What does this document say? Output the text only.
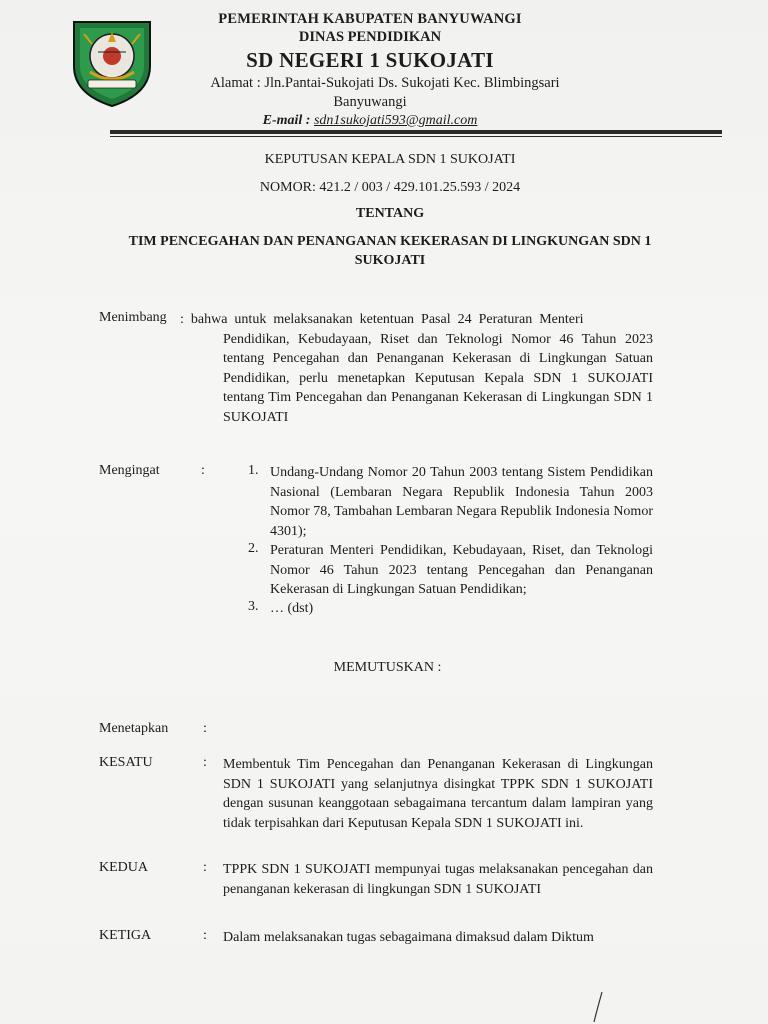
PEMERINTAH KABUPATEN BANYUWANGI
DINAS PENDIDIKAN
SD NEGERI 1 SUKOJATI
Alamat : Jln.Pantai-Sukojati Ds. Sukojati Kec. Blimbingsari
Banyuwangi
E-mail : sdn1sukojati593@gmail.com
KEPUTUSAN KEPALA SDN 1 SUKOJATI
NOMOR: 421.2 / 003 / 429.101.25.593 / 2024
TENTANG
TIM PENCEGAHAN DAN PENANGANAN KEKERASAN DI LINGKUNGAN SDN 1 SUKOJATI
Menimbang :  bahwa  untuk  melaksanakan  ketentuan  Pasal  24  Peraturan  Menteri
Pendidikan, Kebudayaan, Riset dan Teknologi Nomor 46 Tahun 2023 tentang Pencegahan dan Penanganan Kekerasan di Lingkungan Satuan Pendidikan, perlu menetapkan Keputusan Kepala SDN 1 SUKOJATI tentang Tim Pencegahan dan Penanganan Kekerasan di Lingkungan SDN 1 SUKOJATI
Mengingat	:	1. Undang-Undang Nomor 20 Tahun 2003 tentang Sistem Pendidikan Nasional (Lembaran Negara Republik Indonesia Tahun 2003 Nomor 78, Tambahan Lembaran Negara Republik Indonesia Nomor 4301);
2. Peraturan Menteri Pendidikan, Kebudayaan, Riset, dan Teknologi Nomor 46 Tahun 2023 tentang Pencegahan dan Penanganan Kekerasan di Lingkungan Satuan Pendidikan;
3. … (dst)
MEMUTUSKAN :
Menetapkan :
KESATU	: Membentuk Tim Pencegahan dan Penanganan Kekerasan di Lingkungan SDN 1 SUKOJATI yang selanjutnya disingkat TPPK SDN 1 SUKOJATI dengan susunan keanggotaan sebagaimana tercantum dalam lampiran yang tidak terpisahkan dari Keputusan Kepala SDN 1 SUKOJATI ini.
KEDUA	: TPPK SDN 1 SUKOJATI mempunyai tugas melaksanakan pencegahan dan penanganan kekerasan di lingkungan SDN 1 SUKOJATI
KETIGA	: Dalam melaksanakan tugas sebagaimana dimaksud dalam Diktum
